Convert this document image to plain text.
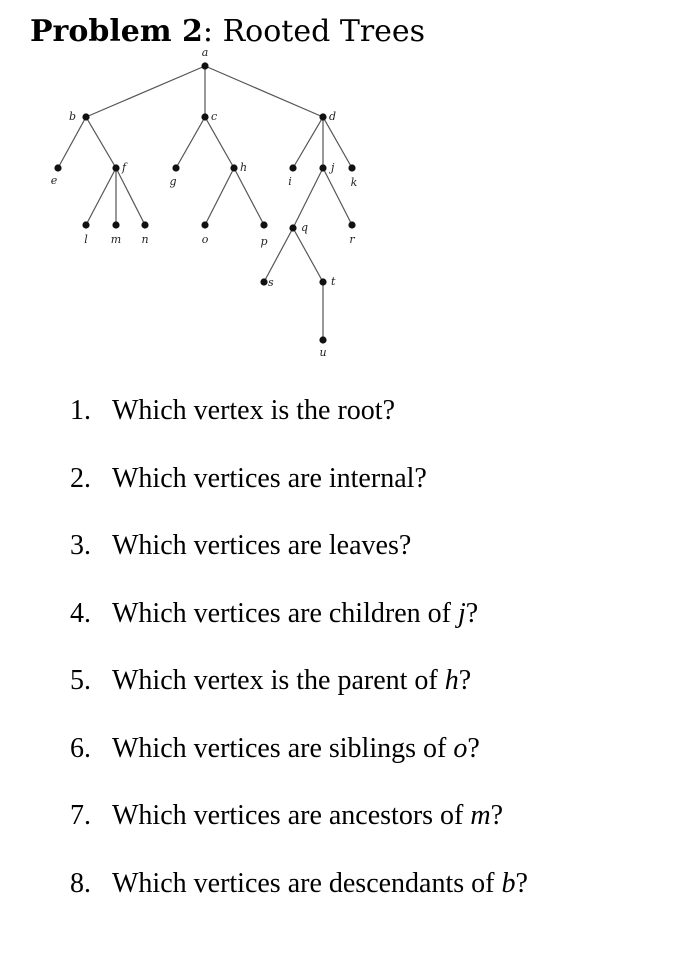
Problem 2: Rooted Trees
a
b	c	d
e
f
g
h
i
j
k
l m n	o	p
q
r
s	t
u
1. Which vertex is the root?
2. Which vertices are internal?
3. Which vertices are leaves?
4. Which vertices are children of j?
5. Which vertex is the parent of h?
6. Which vertices are siblings of o?
7. Which vertices are ancestors of m?
8. Which vertices are descendants of b?
